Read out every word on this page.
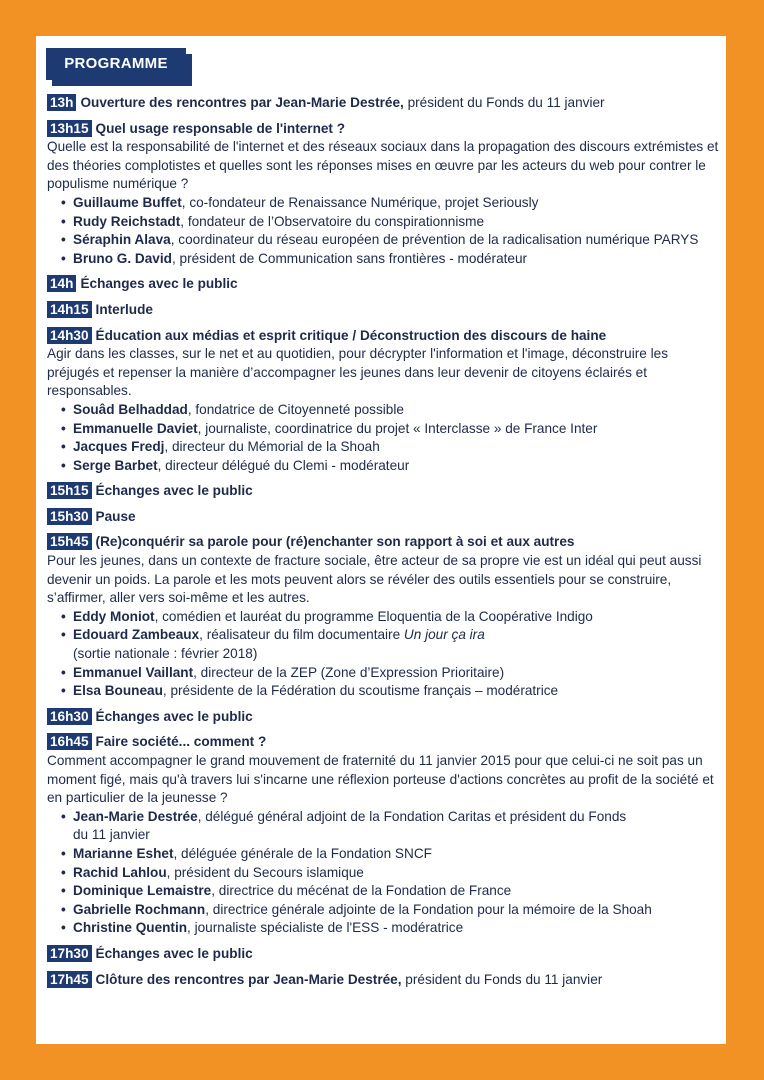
PROGRAMME
13h Ouverture des rencontres par Jean-Marie Destrée, président du Fonds du 11 janvier
13h15 Quel usage responsable de l'internet ?

Quelle est la responsabilité de l'internet et des réseaux sociaux dans la propagation des discours extrémistes et des théories complotistes et quelles sont les réponses mises en œuvre par les acteurs du web pour contrer le populisme numérique ?

• Guillaume Buffet, co-fondateur de Renaissance Numérique, projet Seriously
• Rudy Reichstadt, fondateur de l’Observatoire du conspirationnisme
• Séraphin Alava, coordinateur du réseau européen de prévention de la radicalisation numérique PARYS
• Bruno G. David, président de Communication sans frontières - modérateur
14h Échanges avec le public
14h15 Interlude
14h30 Éducation aux médias et esprit critique / Déconstruction des discours de haine

Agir dans les classes, sur le net et au quotidien, pour décrypter l'information et l'image, déconstruire les préjugés et repenser la manière d’accompagner les jeunes dans leur devenir de citoyens éclairés et responsables.

• Souâd Belhaddad, fondatrice de Citoyenneté possible
• Emmanuelle Daviet, journaliste, coordinatrice du projet « Interclasse » de France Inter
• Jacques Fredj, directeur du Mémorial de la Shoah
• Serge Barbet, directeur délégué du Clemi - modérateur
15h15 Échanges avec le public
15h30 Pause
15h45 (Re)conquérir sa parole pour (ré)enchanter son rapport à soi et aux autres

Pour les jeunes, dans un contexte de fracture sociale, être acteur de sa propre vie est un idéal qui peut aussi devenir un poids. La parole et les mots peuvent alors se révéler des outils essentiels pour se construire, s’affirmer, aller vers soi-même et les autres.

• Eddy Moniot, comédien et lauréat du programme Eloquentia de la Coopérative Indigo
• Edouard Zambeaux, réalisateur du film documentaire Un jour ça ira
(sortie nationale : février 2018)
• Emmanuel Vaillant, directeur de la ZEP (Zone d’Expression Prioritaire)
• Elsa Bouneau, présidente de la Fédération du scoutisme français – modératrice
16h30 Échanges avec le public
16h45 Faire société... comment ?

Comment accompagner le grand mouvement de fraternité du 11 janvier 2015 pour que celui-ci ne soit pas un moment figé, mais qu'à travers lui s'incarne une réflexion porteuse d'actions concrètes au profit de la société et en particulier de la jeunesse ?

• Jean-Marie Destrée, délégué général adjoint de la Fondation Caritas et président du Fonds
du 11 janvier
• Marianne Eshet, déléguée générale de la Fondation SNCF
• Rachid Lahlou, président du Secours islamique
• Dominique Lemaistre, directrice du mécénat de la Fondation de France
• Gabrielle Rochmann, directrice générale adjointe de la Fondation pour la mémoire de la Shoah
• Christine Quentin, journaliste spécialiste de l'ESS - modératrice
17h30 Échanges avec le public
17h45 Clôture des rencontres par Jean-Marie Destrée, président du Fonds du 11 janvier
